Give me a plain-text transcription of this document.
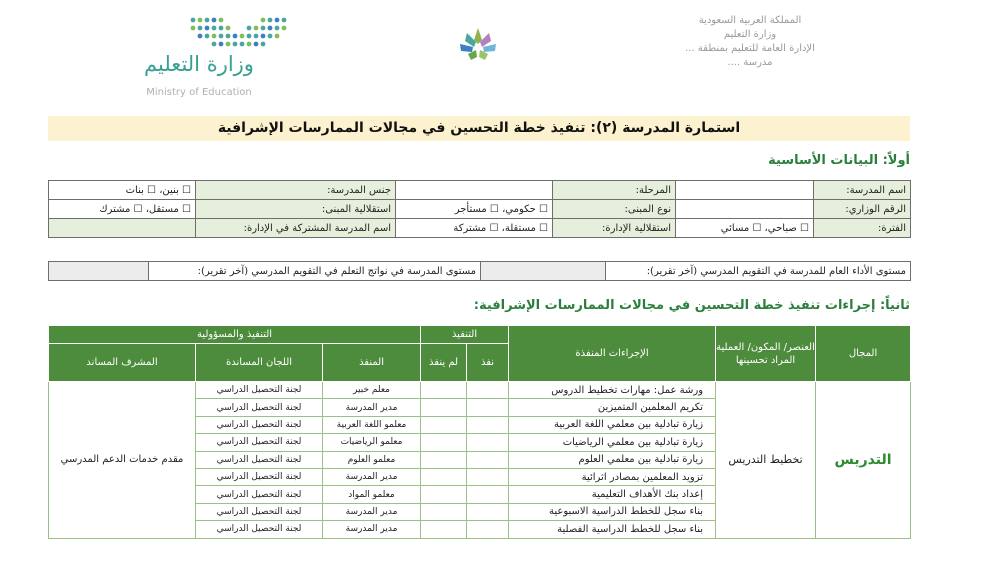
المملكة العربية السعودية
وزارة التعليم
الإدارة العامة للتعليم بمنطقة ...
مدرسة ....
وزارة التعليم
Ministry of Education
استمارة المدرسة (٢): تنفيذ خطة التحسين في مجالات الممارسات الإشرافية
أولاً: البيانات الأساسية
اسم المدرسة:		المرحلة:		جنس المدرسة:	☐ بنين، ☐ بنات
الرقم الوزاري:		نوع المبنى:	☐ حكومي، ☐ مستأجر	استقلالية المبنى:	☐ مستقل، ☐ مشترك
الفترة:	☐ صباحي، ☐ مسائي	استقلالية الإدارة:	☐ مستقلة، ☐ مشتركة	اسم المدرسة المشتركة في الإدارة:	
مستوى الأداء العام للمدرسة في التقويم المدرسي (آخر تقرير):		مستوى المدرسة في نواتج التعلم في التقويم المدرسي (آخر تقرير):	
ثانياً: إجراءات تنفيذ خطة التحسين في مجالات الممارسات الإشرافية:
المجال	العنصر/ المكون/ العملية المراد تحسينها	الإجراءات المنفذة	التنفيذ		التنفيذ والمسؤولية		
			نفذ	لم ينفذ	المنفذ	اللجان المساندة	المشرف المساند
التدريس	تخطيط التدريس	ورشة عمل: مهارات تخطيط الدروس			معلم خبير	لجنة التحصيل الدراسي	مقدم خدمات الدعم المدرسي
		تكريم المعلمين المتميزين			مدير المدرسة	لجنة التحصيل الدراسي	
		زيارة تبادلية بين معلمي اللغة العربية			معلمو اللغة العربية	لجنة التحصيل الدراسي	
		زيارة تبادلية بين معلمي الرياضيات			معلمو الرياضيات	لجنة التحصيل الدراسي	
		زيارة تبادلية بين معلمي العلوم			معلمو العلوم	لجنة التحصيل الدراسي	
		تزويد المعلمين بمصادر اثرائية			مدير المدرسة	لجنة التحصيل الدراسي	
		إعداد بنك الأهداف التعليمية			معلمو المواد	لجنة التحصيل الدراسي	
		بناء سجل للخطط الدراسية الاسبوعية			مدير المدرسة	لجنة التحصيل الدراسي	
		بناء سجل للخطط الدراسية الفصلية			مدير المدرسة	لجنة التحصيل الدراسي	
